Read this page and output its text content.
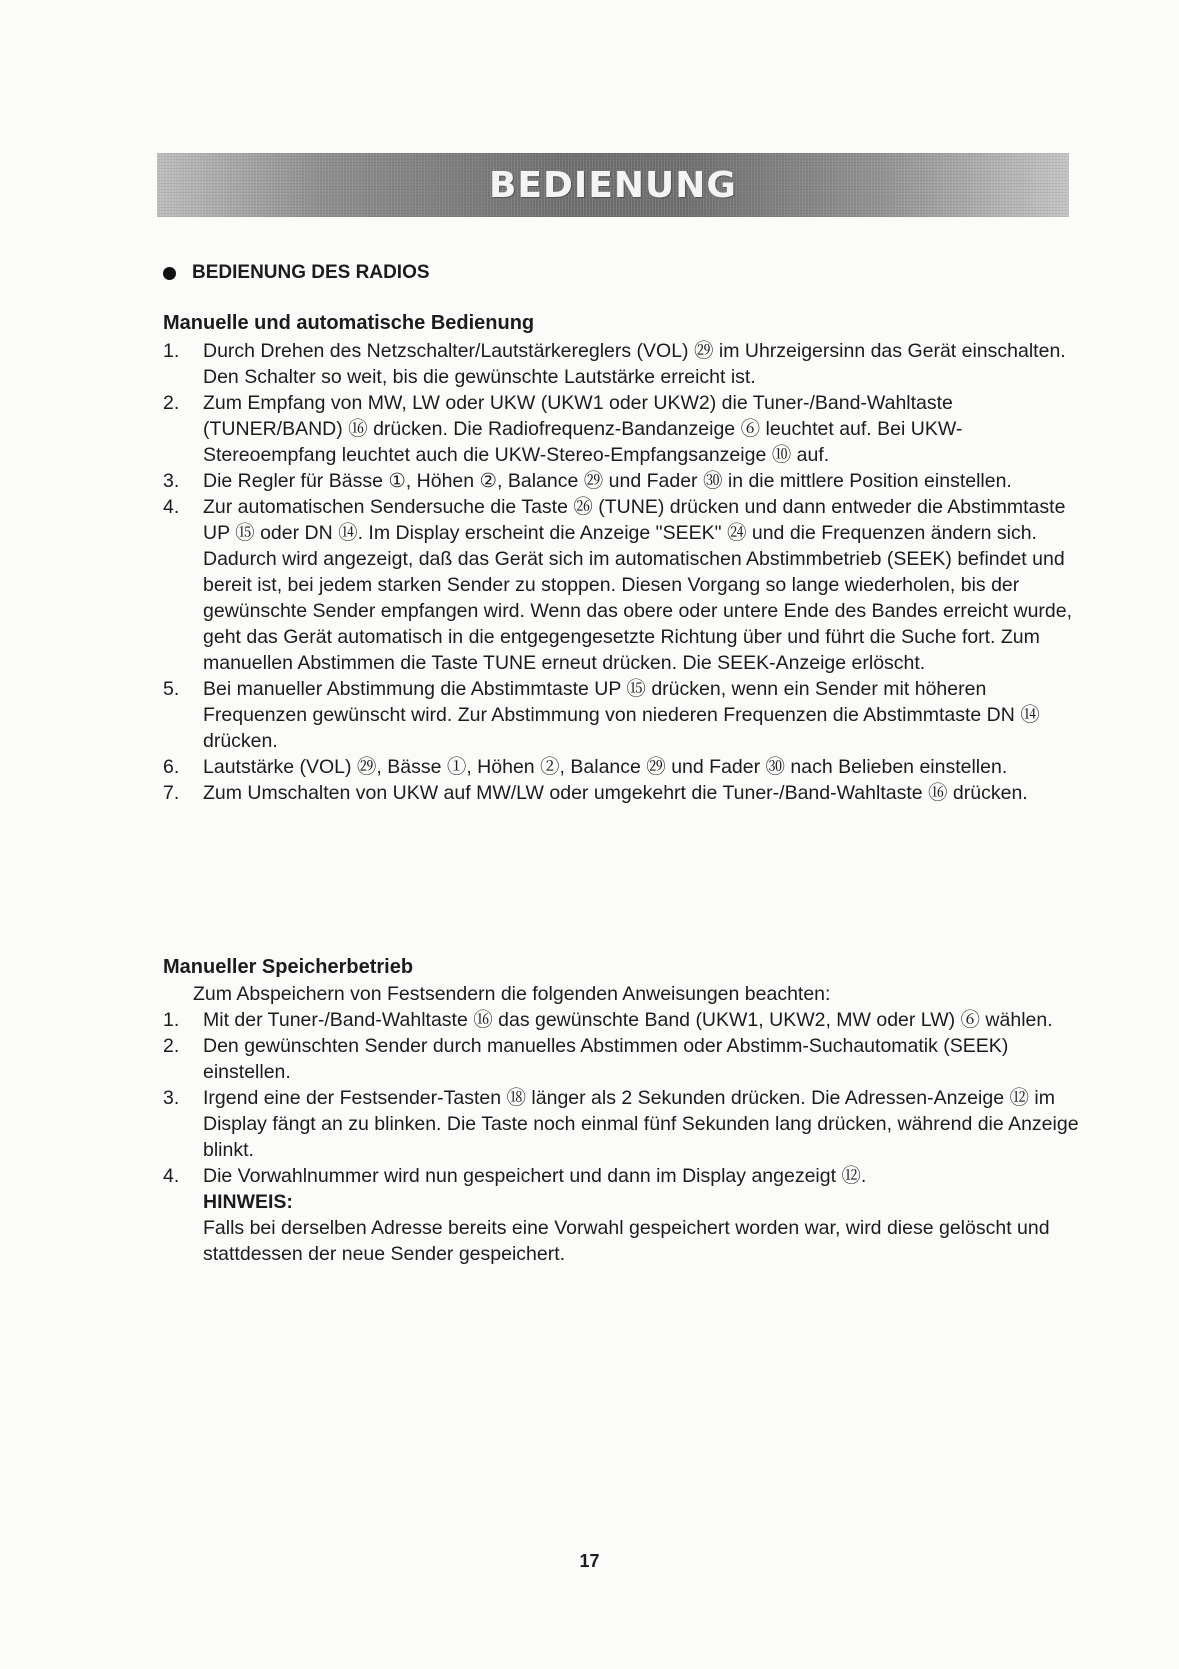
BEDIENUNG
BEDIENUNG DES RADIOS
Manuelle und automatische Bedienung
1.	Durch Drehen des Netzschalter/Lautstärkereglers (VOL) ㉙ im Uhrzeigersinn das Gerät einschalten. Den Schalter so weit, bis die gewünschte Lautstärke erreicht ist.
2.	Zum Empfang von MW, LW oder UKW (UKW1 oder UKW2) die Tuner-/Band-Wahltaste (TUNER/BAND) ⑯ drücken. Die Radiofrequenz-Bandanzeige ⑥ leuchtet auf. Bei UKW-Stereoempfang leuchtet auch die UKW-Stereo-Empfangsanzeige ⑩ auf.
3.	Die Regler für Bässe ①, Höhen ②, Balance ㉙ und Fader ㉚ in die mittlere Position einstellen.
4.	Zur automatischen Sendersuche die Taste ㉖ (TUNE) drücken und dann entweder die Abstimmtaste UP ⑮ oder DN ⑭. Im Display erscheint die Anzeige "SEEK" ㉔ und die Frequenzen ändern sich. Dadurch wird angezeigt, daß das Gerät sich im automatischen Abstimmbetrieb (SEEK) befindet und bereit ist, bei jedem starken Sender zu stoppen. Diesen Vorgang so lange wiederholen, bis der gewünschte Sender empfangen wird. Wenn das obere oder untere Ende des Bandes erreicht wurde, geht das Gerät automatisch in die entgegengesetzte Richtung über und führt die Suche fort. Zum manuellen Abstimmen die Taste TUNE erneut drücken. Die SEEK-Anzeige erlöscht.
5.	Bei manueller Abstimmung die Abstimmtaste UP ⑮ drücken, wenn ein Sender mit höheren Frequenzen gewünscht wird. Zur Abstimmung von niederen Frequenzen die Abstimmtaste DN ⑭ drücken.
6.	Lautstärke (VOL) ㉙, Bässe ①, Höhen ②, Balance ㉙ und Fader ㉚ nach Belieben einstellen.
7.	Zum Umschalten von UKW auf MW/LW oder umgekehrt die Tuner-/Band-Wahltaste ⑯ drücken.
Manueller Speicherbetrieb
Zum Abspeichern von Festsendern die folgenden Anweisungen beachten:
1.	Mit der Tuner-/Band-Wahltaste ⑯ das gewünschte Band (UKW1, UKW2, MW oder LW) ⑥ wählen.
2.	Den gewünschten Sender durch manuelles Abstimmen oder Abstimm-Suchautomatik (SEEK) einstellen.
3.	Irgend eine der Festsender-Tasten ⑱ länger als 2 Sekunden drücken. Die Adressen-Anzeige ⑫ im Display fängt an zu blinken. Die Taste noch einmal fünf Sekunden lang drücken, während die Anzeige blinkt.
4.	Die Vorwahlnummer wird nun gespeichert und dann im Display angezeigt ⑫.
HINWEIS:
Falls bei derselben Adresse bereits eine Vorwahl gespeichert worden war, wird diese gelöscht und stattdessen der neue Sender gespeichert.
17
